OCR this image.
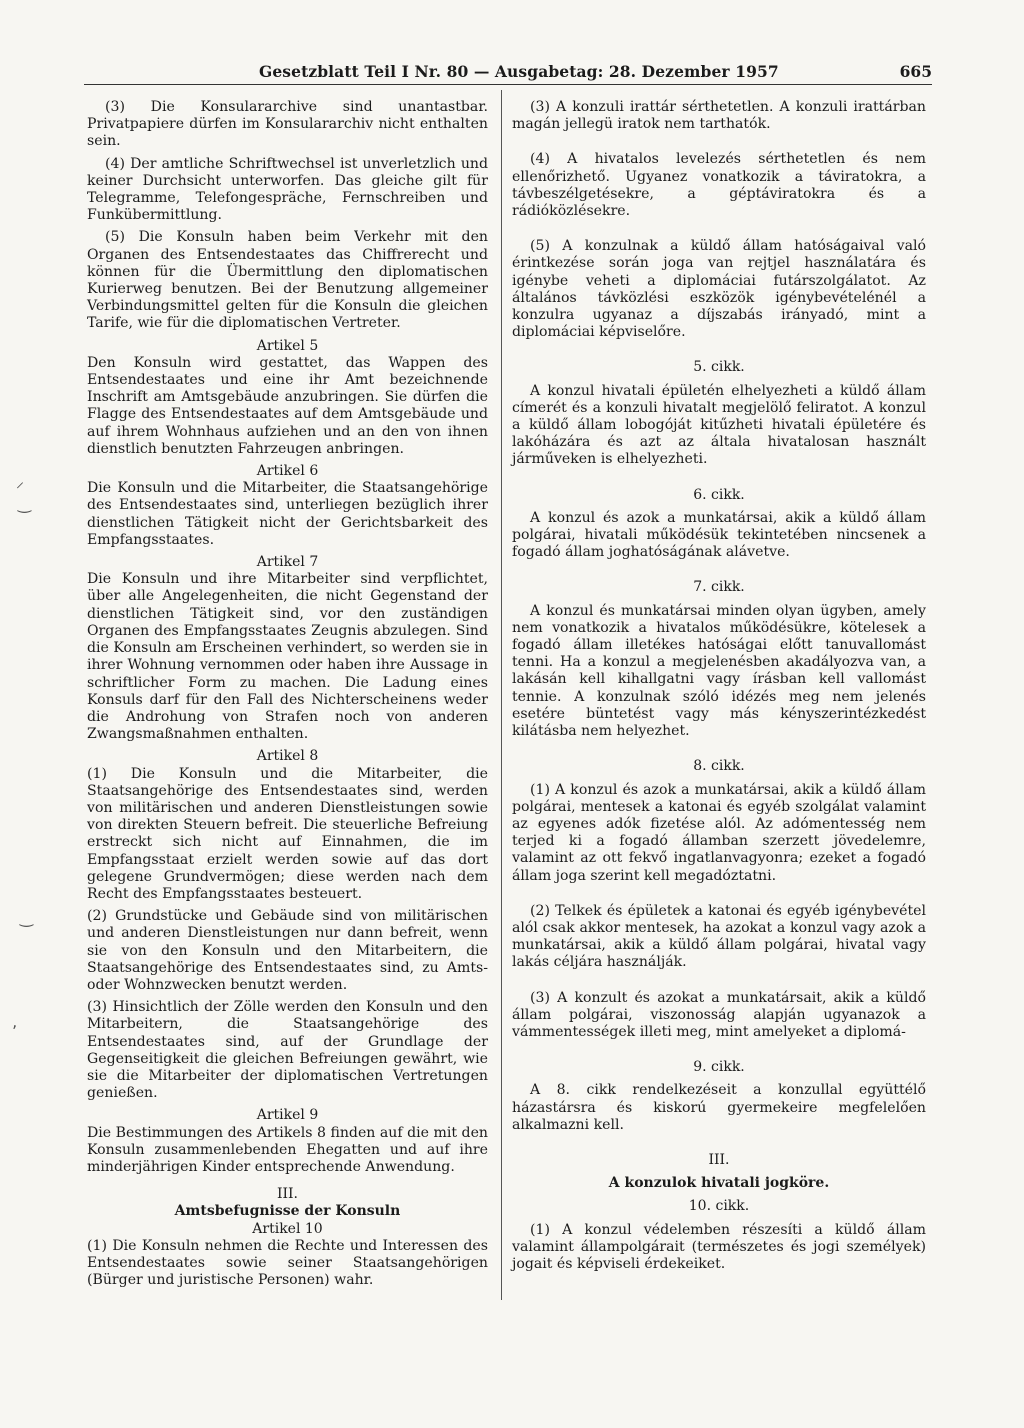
Gesetzblatt Teil I Nr. 80 — Ausgabetag: 28. Dezember 1957	665
⸝
‿
‿
ʼ

(3) Die Konsulararchive sind unantastbar. Privatpapiere dürfen im Konsulararchiv nicht enthalten sein.

(4) Der amtliche Schriftwechsel ist unverletzlich und keiner Durchsicht unterworfen. Das gleiche gilt für Telegramme, Telefongespräche, Fernschreiben und Funkübermittlung.

(5) Die Konsuln haben beim Verkehr mit den Organen des Entsendestaates das Chiffrerecht und können für die Übermittlung den diplomatischen Kurierweg benutzen. Bei der Benutzung allgemeiner Verbindungsmittel gelten für die Konsuln die gleichen Tarife, wie für die diplomatischen Vertreter.

Artikel 5

Den Konsuln wird gestattet, das Wappen des Entsendestaates und eine ihr Amt bezeichnende Inschrift am Amtsgebäude anzubringen. Sie dürfen die Flagge des Entsendestaates auf dem Amtsgebäude und auf ihrem Wohnhaus aufziehen und an den von ihnen dienstlich benutzten Fahrzeugen anbringen.

Artikel 6

Die Konsuln und die Mitarbeiter, die Staatsangehörige des Entsendestaates sind, unterliegen bezüglich ihrer dienstlichen Tätigkeit nicht der Gerichtsbarkeit des Empfangsstaates.

Artikel 7

Die Konsuln und ihre Mitarbeiter sind verpflichtet, über alle Angelegenheiten, die nicht Gegenstand der dienstlichen Tätigkeit sind, vor den zuständigen Organen des Empfangsstaates Zeugnis abzulegen. Sind die Konsuln am Erscheinen verhindert, so werden sie in ihrer Wohnung vernommen oder haben ihre Aussage in schriftlicher Form zu machen. Die Ladung eines Konsuls darf für den Fall des Nichterscheinens weder die Androhung von Strafen noch von anderen Zwangsmaßnahmen enthalten.

Artikel 8

(1) Die Konsuln und die Mitarbeiter, die Staatsangehörige des Entsendestaates sind, werden von militärischen und anderen Dienstleistungen sowie von direkten Steuern befreit. Die steuerliche Befreiung erstreckt sich nicht auf Einnahmen, die im Empfangsstaat erzielt werden sowie auf das dort gelegene Grundvermögen; diese werden nach dem Recht des Empfangsstaates besteuert.

(2) Grundstücke und Gebäude sind von militärischen und anderen Dienstleistungen nur dann befreit, wenn sie von den Konsuln und den Mitarbeitern, die Staatsangehörige des Entsendestaates sind, zu Amts- oder Wohnzwecken benutzt werden.

(3) Hinsichtlich der Zölle werden den Konsuln und den Mitarbeitern, die Staatsangehörige des Entsendestaates sind, auf der Grundlage der Gegenseitigkeit die gleichen Befreiungen gewährt, wie sie die Mitarbeiter der diplomatischen Vertretungen genießen.

Artikel 9

Die Bestimmungen des Artikels 8 finden auf die mit den Konsuln zusammenlebenden Ehegatten und auf ihre minderjährigen Kinder entsprechende Anwendung.

III.

Amtsbefugnisse der Konsuln

Artikel 10

(1) Die Konsuln nehmen die Rechte und Interessen des Entsendestaates sowie seiner Staatsangehörigen (Bürger und juristische Personen) wahr.

(3) A konzuli irattár sérthetetlen. A konzuli irattárban magán jellegü iratok nem tarthatók.

(4) A hivatalos levelezés sérthetetlen és nem ellenőrizhető. Ugyanez vonatkozik a táviratokra, a távbeszélgetésekre, a géptáviratokra és a rádióközlésekre.

(5) A konzulnak a küldő állam hatóságaival való érintkezése során joga van rejtjel használatára és igénybe veheti a diplomáciai futárszolgálatot. Az általános távközlési eszközök igénybevételénél a konzulra ugyanaz a díjszabás irányadó, mint a diplomáciai képviselőre.

5. cikk.

A konzul hivatali épületén elhelyezheti a küldő állam címerét és a konzuli hivatalt megjelölő feliratot. A konzul a küldő állam lobogóját kitűzheti hivatali épületére és lakóházára és azt az általa hivatalosan használt járműveken is elhelyezheti.

6. cikk.

A konzul és azok a munkatársai, akik a küldő állam polgárai, hivatali működésük tekintetében nincsenek a fogadó állam joghatóságának alávetve.

7. cikk.

A konzul és munkatársai minden olyan ügyben, amely nem vonatkozik a hivatalos működésükre, kötelesek a fogadó állam illetékes hatóságai előtt tanuvallomást tenni. Ha a konzul a megjelenésben akadályozva van, a lakásán kell kihallgatni vagy írásban kell vallomást tennie. A konzulnak szóló idézés meg nem jelenés esetére büntetést vagy más kényszerintézkedést kilátásba nem helyezhet.

8. cikk.

(1) A konzul és azok a munkatársai, akik a küldő állam polgárai, mentesek a katonai és egyéb szolgálat valamint az egyenes adók fizetése alól. Az adómentesség nem terjed ki a fogadó államban szerzett jövedelemre, valamint az ott fekvő ingatlanvagyonra; ezeket a fogadó állam joga szerint kell megadóztatni.

(2) Telkek és épületek a katonai és egyéb igénybevétel alól csak akkor mentesek, ha azokat a konzul vagy azok a munkatársai, akik a küldő állam polgárai, hivatal vagy lakás céljára használják.

(3) A konzult és azokat a munkatársait, akik a küldő állam polgárai, viszonosság alapján ugyanazok a vámmentességek illeti meg, mint amelyeket a diplomá-

9. cikk.

A 8. cikk rendelkezéseit a konzullal együttélő házastársra és kiskorú gyermekeire megfelelően alkalmazni kell.

III.

A konzulok hivatali jogköre.

10. cikk.

(1) A konzul védelemben részesíti a küldő állam valamint állampolgárait (természetes és jogi személyek) jogait és képviseli érdekeiket.
